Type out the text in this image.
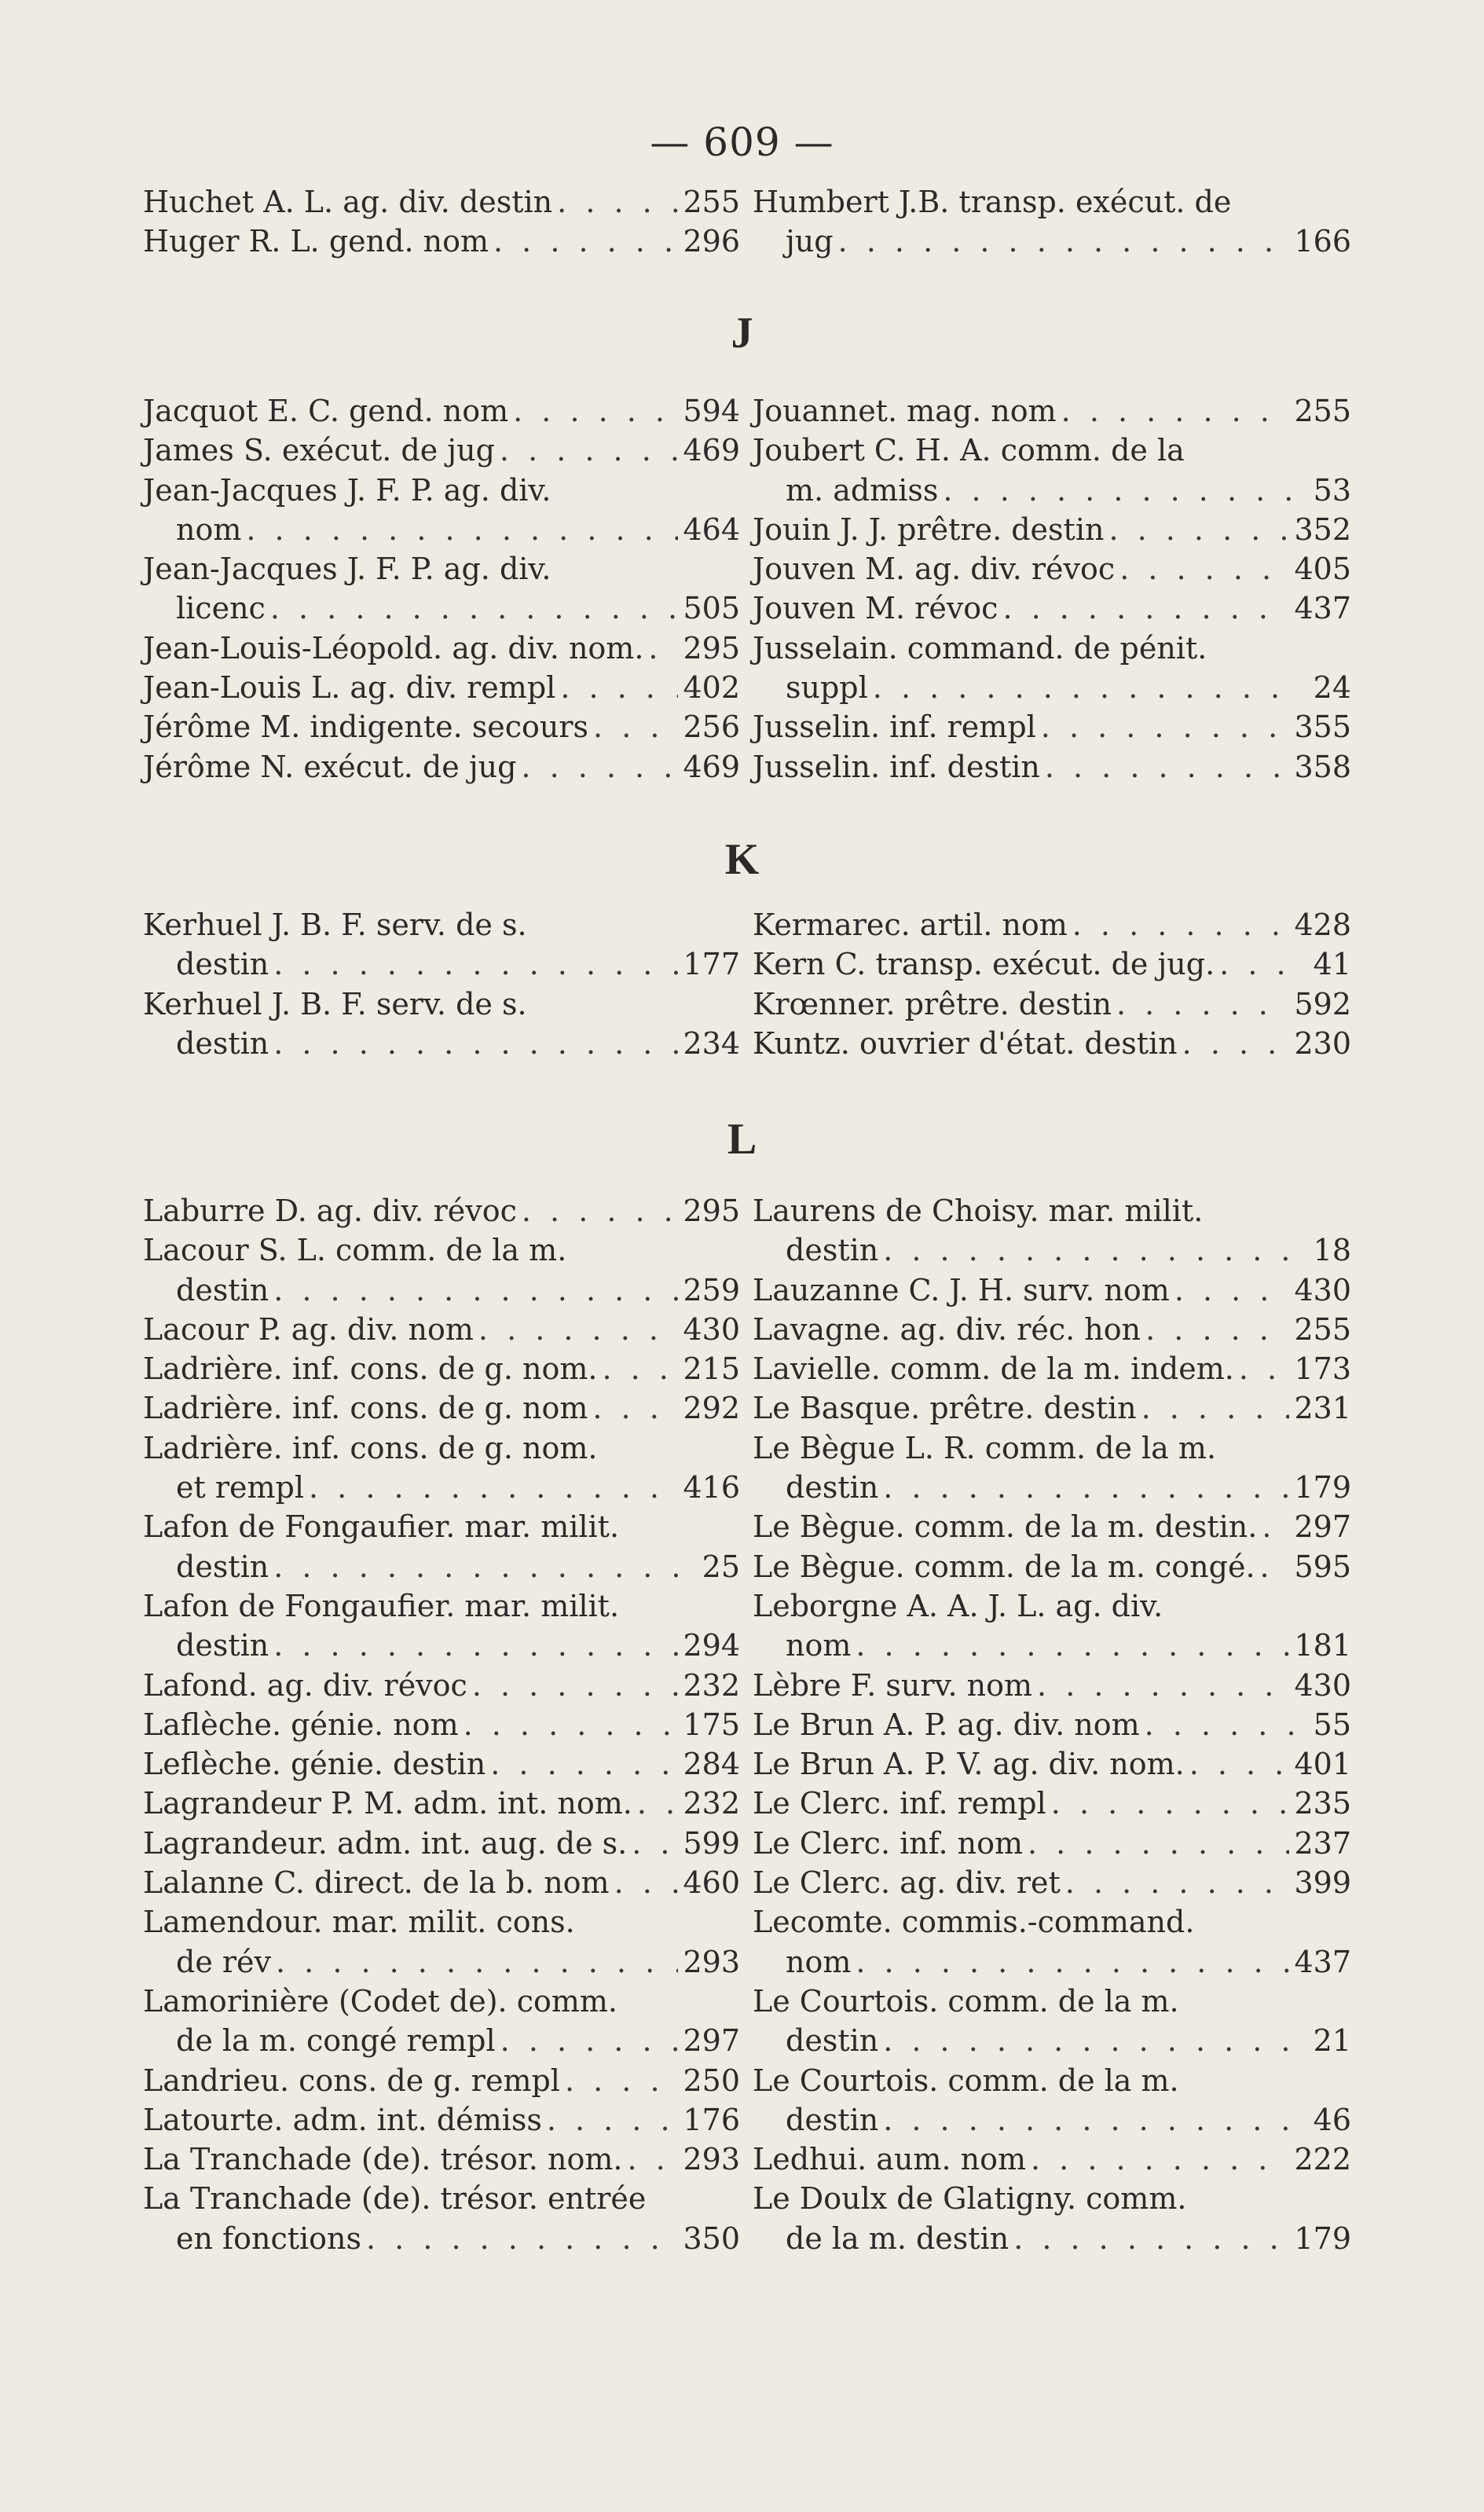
— 609 —
Huchet A. L. ag. div. destin . . .	255
Huger R. L. gend. nom . . .	296
Humbert J.B. transp. exécut. de
jug . . .	166
J
Jacquot E. C. gend. nom . . .	594
James S. exécut. de jug . . .	469
Jean-Jacques J. F. P. ag. div.
nom . . .	464
Jean-Jacques J. F. P. ag. div.
licenc . . .	505
Jean-Louis-Léopold. ag. div. nom. . . . 295
Jean-Louis L. ag. div. rempl . . .	402
Jérôme M. indigente. secours . . .	256
Jérôme N. exécut. de jug . . .	469
Jouannet. mag. nom . . .	255
Joubert C. H. A. comm. de la
m. admiss . . .	53
Jouin J. J. prêtre. destin . . .	352
Jouven M. ag. div. révoc . . .	405
Jouven M. révoc . . .	437
Jusselain. command. de pénit.
suppl . . .	24
Jusselin. inf. rempl . . .	355
Jusselin. inf. destin . . .	358
K
Kerhuel J. B. F. serv. de s.
destin . . .	177
Kerhuel J. B. F. serv. de s.
destin . . .	234
Kermarec. artil. nom . . .	428
Kern C. transp. exécut. de jug. . . .	41
Krœnner. prêtre. destin . . .	592
Kuntz. ouvrier d'état. destin . . .	230
L
Laburre D. ag. div. révoc . . .	295
Lacour S. L. comm. de la m.
destin . . .	259
Lacour P. ag. div. nom . . .	430
Ladrière. inf. cons. de g. nom. . . .	215
Ladrière. inf. cons. de g. nom . . .	292
Ladrière. inf. cons. de g. nom.
et rempl . . .	416
Lafon de Fongaufier. mar. milit.
destin . . .	25
Lafon de Fongaufier. mar. milit.
destin . . .	294
Lafond. ag. div. révoc . . .	232
Laflèche. génie. nom . . .	175
Leflèche. génie. destin . . .	284
Lagrandeur P. M. adm. int. nom. . . . 232
Lagrandeur. adm. int. aug. de s. . . . 599
Lalanne C. direct. de la b. nom . . . 460
Lamendour. mar. milit. cons.
de rév . . .	293
Lamorinière (Codet de). comm.
de la m. congé rempl . . .	297
Landrieu. cons. de g. rempl . . .	250
Latourte. adm. int. démiss . . .	176
La Tranchade (de). trésor. nom. . . . 293
La Tranchade (de). trésor. entrée
en fonctions . . .	350
Laurens de Choisy. mar. milit.
destin . . .	18
Lauzanne C. J. H. surv. nom . . .	430
Lavagne. ag. div. réc. hon . . .	255
Lavielle. comm. de la m. indem. . . . 173
Le Basque. prêtre. destin . . .	231
Le Bègue L. R. comm. de la m.
destin . . .	179
Le Bègue. comm. de la m. destin. . . . 297
Le Bègue. comm. de la m. congé. . . . 595
Leborgne A. A. J. L. ag. div.
nom . . .	181
Lèbre F. surv. nom . . .	430
Le Brun A. P. ag. div. nom . . .	55
Le Brun A. P. V. ag. div. nom. . . .	401
Le Clerc. inf. rempl . . .	235
Le Clerc. inf. nom . . .	237
Le Clerc. ag. div. ret . . .	399
Lecomte. commis.-command.
nom . . .	437
Le Courtois. comm. de la m.
destin . . .	21
Le Courtois. comm. de la m.
destin . . .	46
Ledhui. aum. nom . . .	222
Le Doulx de Glatigny. comm.
de la m. destin . . .	179
